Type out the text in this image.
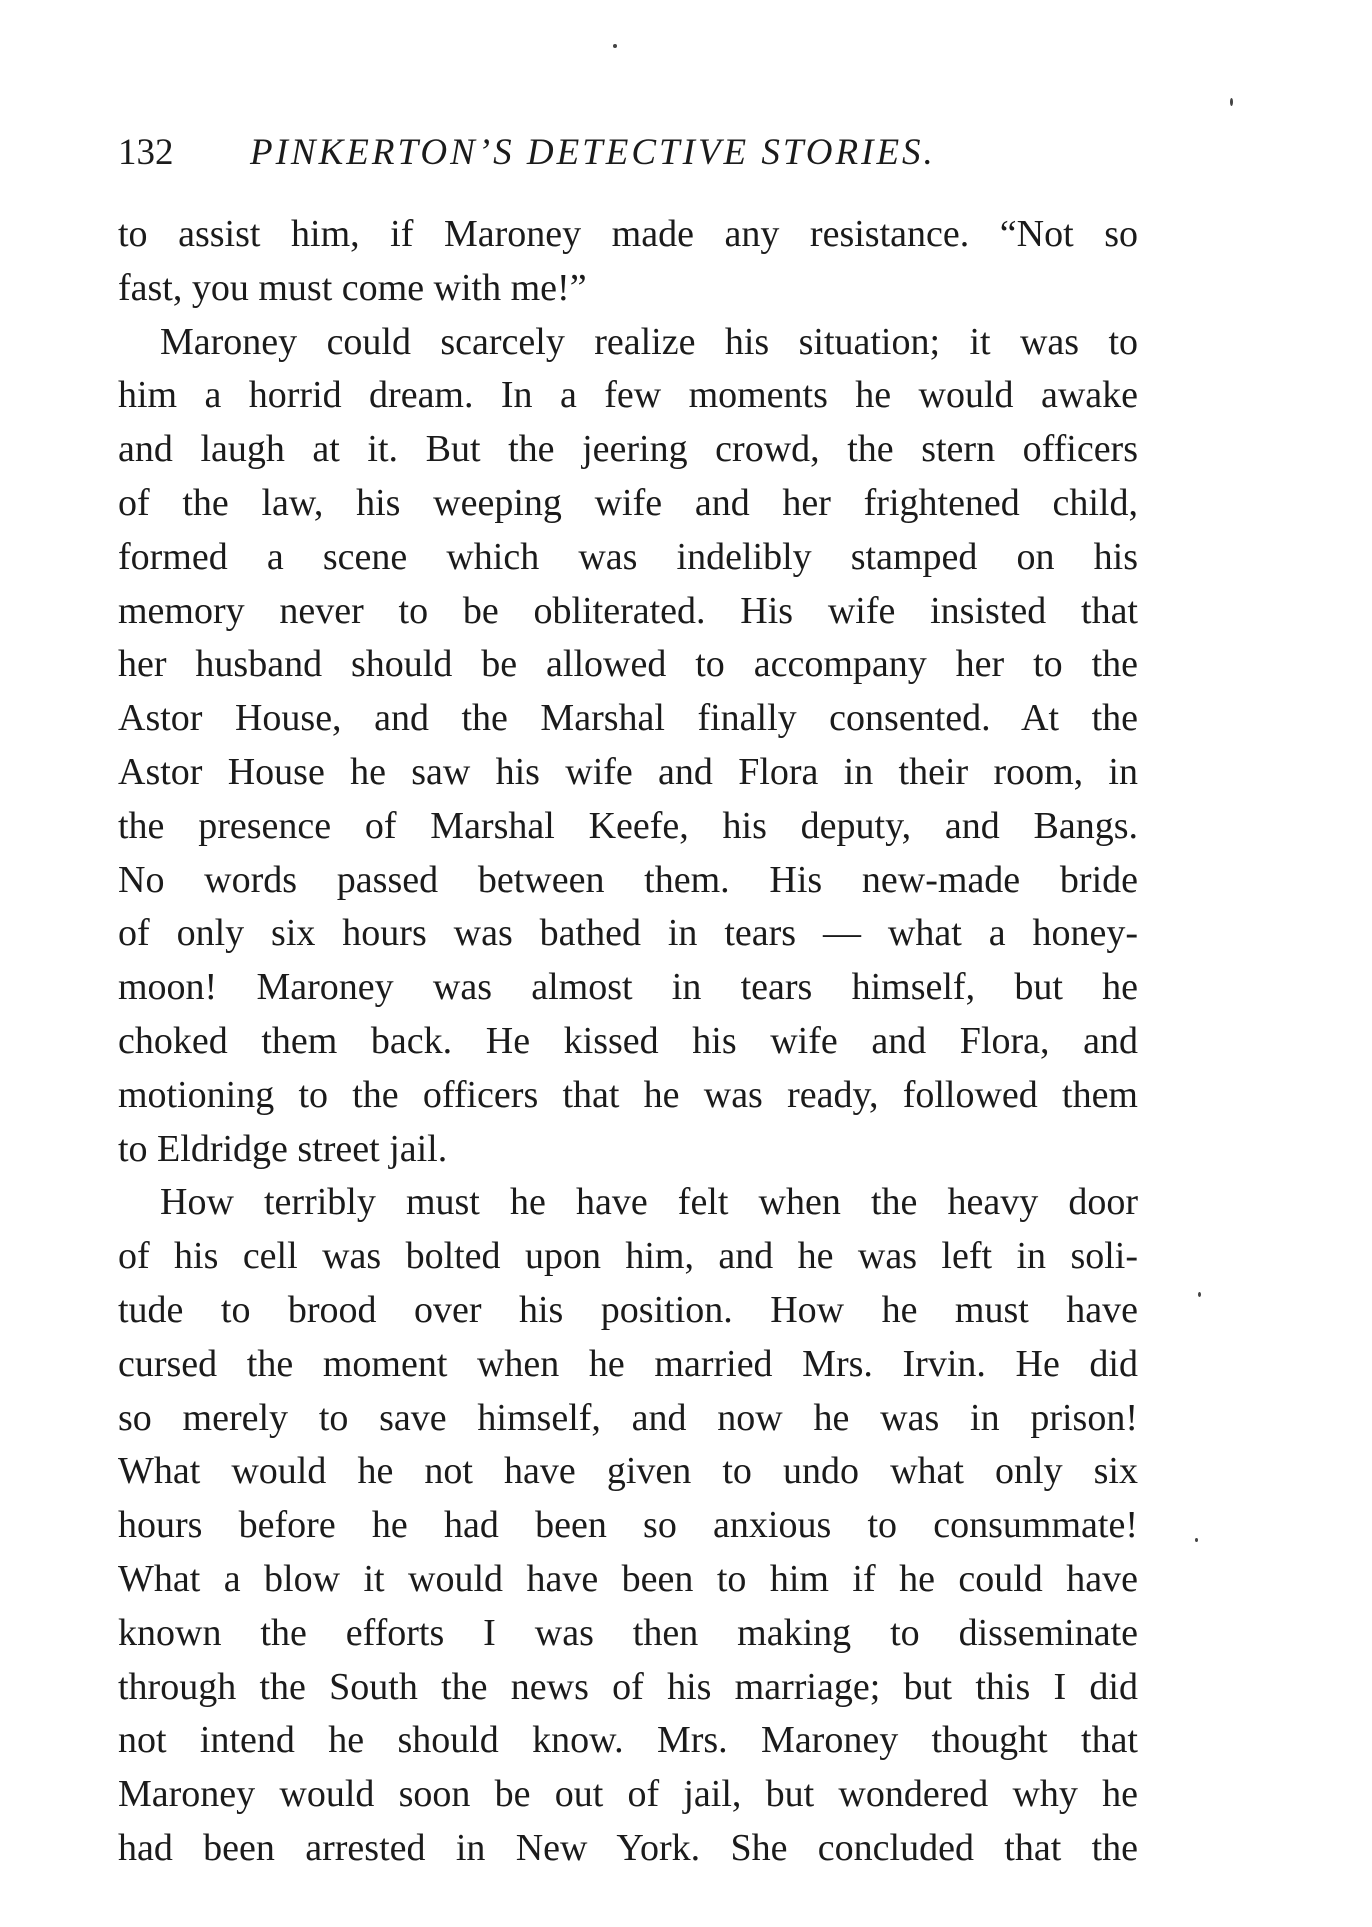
132 PINKERTON’S DETECTIVE STORIES.
to assist him, if Maroney made any resistance. “Not so
fast, you must come with me!”
Maroney could scarcely realize his situation; it was to
him a horrid dream. In a few moments he would awake
and laugh at it. But the jeering crowd, the stern officers
of the law, his weeping wife and her frightened child,
formed a scene which was indelibly stamped on his
memory never to be obliterated. His wife insisted that
her husband should be allowed to accompany her to the
Astor House, and the Marshal finally consented. At the
Astor House he saw his wife and Flora in their room, in
the presence of Marshal Keefe, his deputy, and Bangs.
No words passed between them. His new-made bride
of only six hours was bathed in tears — what a honey-
moon! Maroney was almost in tears himself, but he
choked them back. He kissed his wife and Flora, and
motioning to the officers that he was ready, followed them
to Eldridge street jail.
How terribly must he have felt when the heavy door
of his cell was bolted upon him, and he was left in soli-
tude to brood over his position. How he must have
cursed the moment when he married Mrs. Irvin. He did
so merely to save himself, and now he was in prison!
What would he not have given to undo what only six
hours before he had been so anxious to consummate!
What a blow it would have been to him if he could have
known the efforts I was then making to disseminate
through the South the news of his marriage; but this I did
not intend he should know. Mrs. Maroney thought that
Maroney would soon be out of jail, but wondered why he
had been arrested in New York. She concluded that the
